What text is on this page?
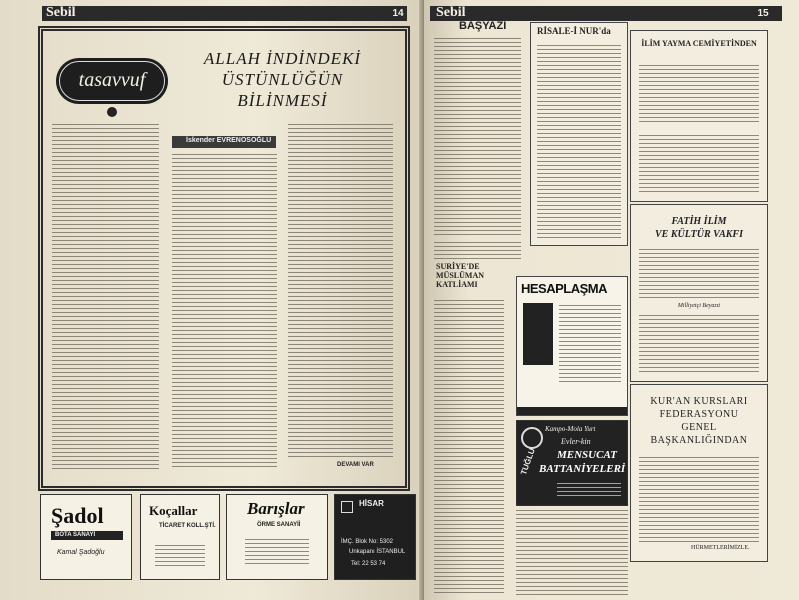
Sebil	14
tasavvuf
ALLAH İNDİNDEKİ
ÜSTÜNLÜĞÜN
BİLİNMESİ
İskender EVRENOSOĞLU
DEVAMI VAR
Şadol
BOTA SANAYİ
Kamal Şadoğlu
Koçallar
TİCARET KOLL.ŞTİ.
Barışlar
ÖRME SANAYİİ
HİSAR
İMÇ. Blok No: 5302
Unkapanı İSTANBUL
Tel: 22 53 74
Sebil	15
BAŞYAZI	RİSALE-İ NUR'da
SURİYE'DE MÜSLÜMAN KATLİAMI	HESAPLAŞMA
Kampo-Mola Yurt
Evler-kin
MENSUCAT
BATTANİYELERİ
TUĞLU
İLİM YAYMA CEMİYETİNDEN
FATİH İLİM
VE KÜLTÜR VAKFI
Milliyetçi Beyazıt
KUR'AN KURSLARI
FEDERASYONU
GENEL
BAŞKANLIĞINDAN
HÜRMETLERİMİZLE.
